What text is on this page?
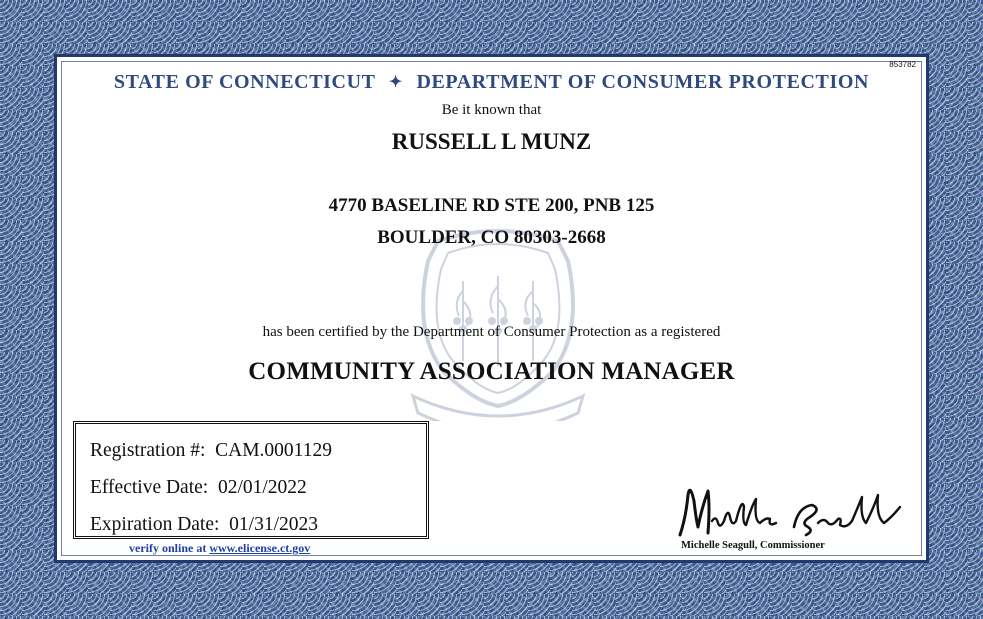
853782
STATE OF CONNECTICUT ✦ DEPARTMENT OF CONSUMER PROTECTION
Be it known that
RUSSELL L MUNZ
4770 BASELINE RD STE 200, PNB 125
BOULDER, CO 80303-2668
has been certified by the Department of Consumer Protection as a registered
COMMUNITY ASSOCIATION MANAGER
Registration #: CAM.0001129
Effective Date: 02/01/2022
Expiration Date: 01/31/2023
verify online at www.elicense.ct.gov	Michelle Seagull, Commissioner
